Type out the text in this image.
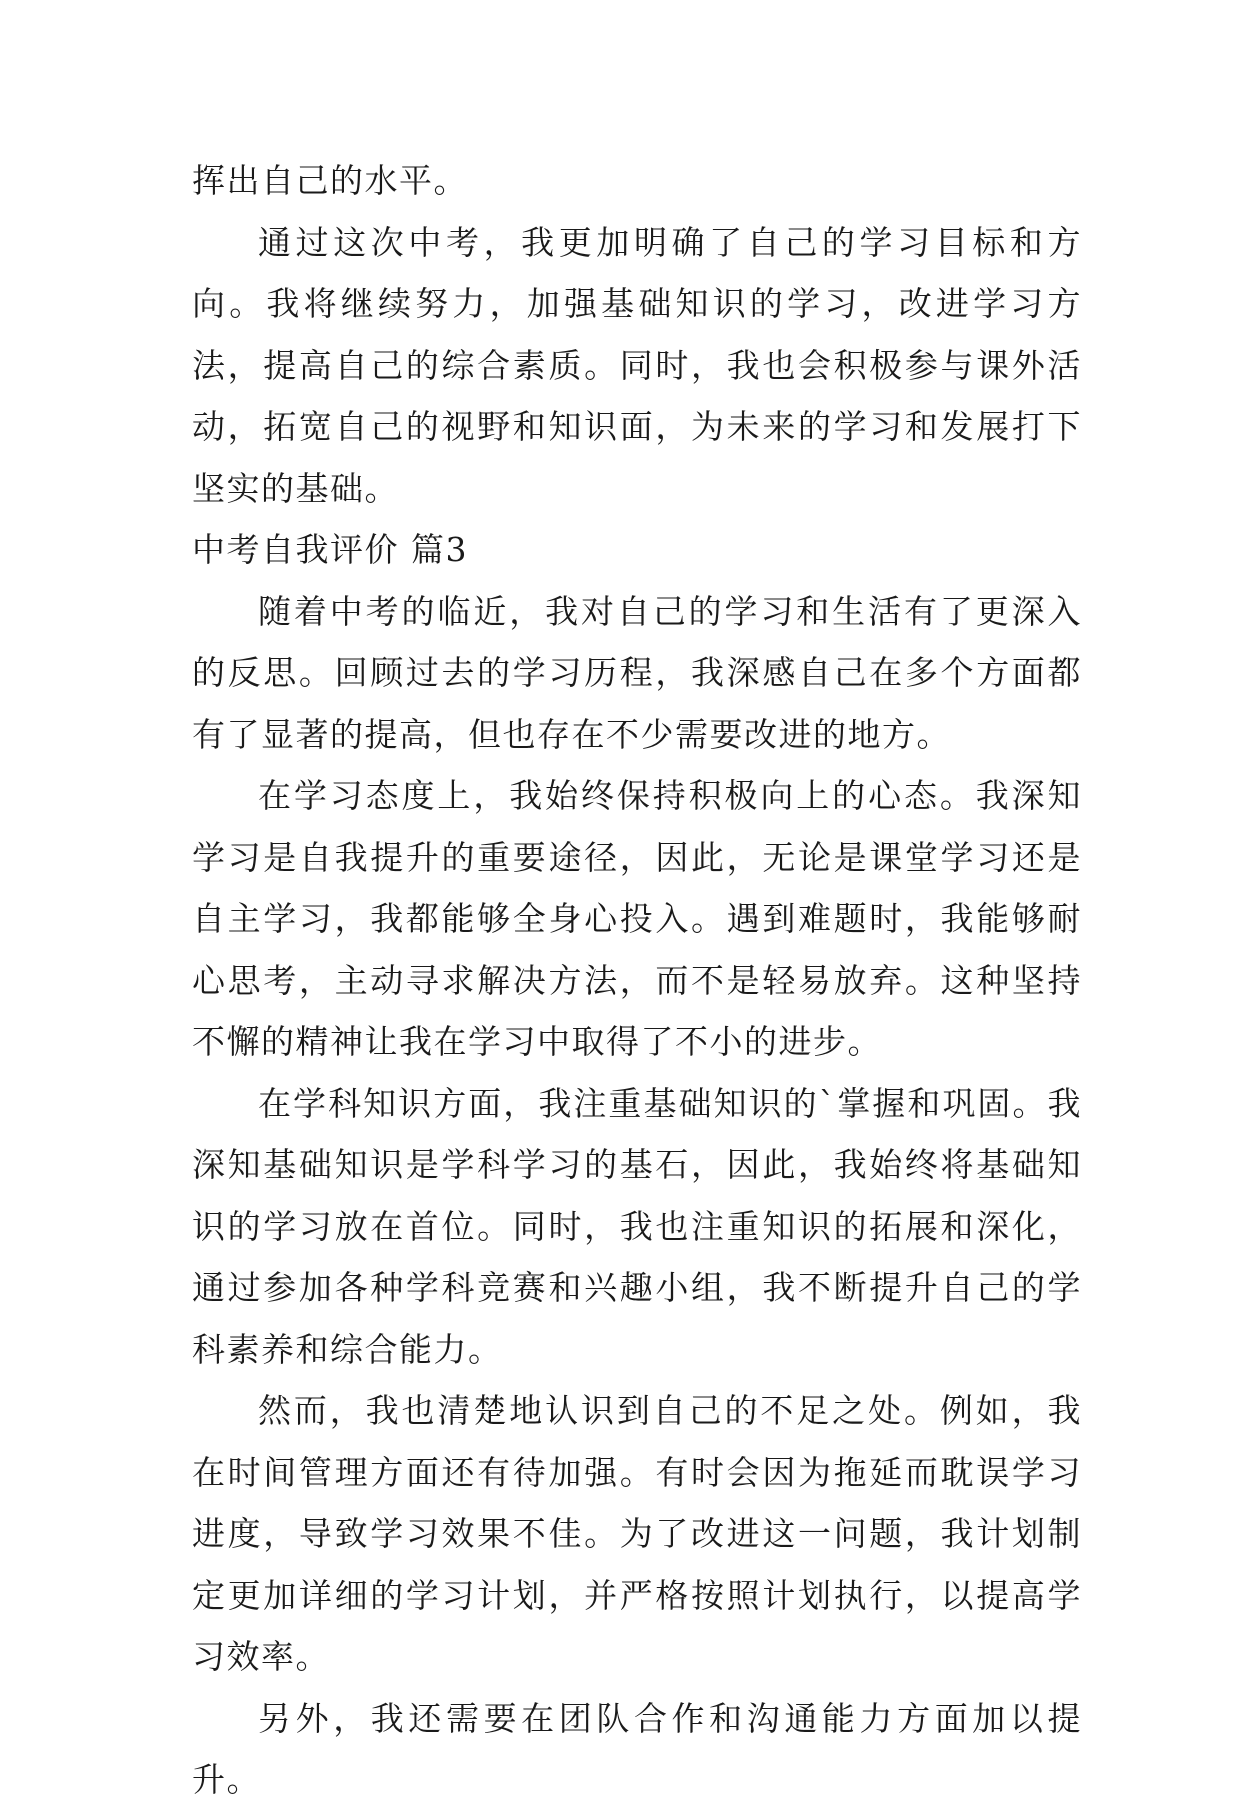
挥出自己的水平。

通过这次中考，我更加明确了自己的学习目标和方向。我将继续努力，加强基础知识的学习，改进学习方法，提高自己的综合素质。同时，我也会积极参与课外活动，拓宽自己的视野和知识面，为未来的学习和发展打下坚实的基础。

中考自我评价 篇3

随着中考的临近，我对自己的学习和生活有了更深入的反思。回顾过去的学习历程，我深感自己在多个方面都有了显著的提高，但也存在不少需要改进的地方。

在学习态度上，我始终保持积极向上的心态。我深知学习是自我提升的重要途径，因此，无论是课堂学习还是自主学习，我都能够全身心投入。遇到难题时，我能够耐心思考，主动寻求解决方法，而不是轻易放弃。这种坚持不懈的精神让我在学习中取得了不小的进步。

在学科知识方面，我注重基础知识的`掌握和巩固。我深知基础知识是学科学习的基石，因此，我始终将基础知识的学习放在首位。同时，我也注重知识的拓展和深化，通过参加各种学科竞赛和兴趣小组，我不断提升自己的学科素养和综合能力。

然而，我也清楚地认识到自己的不足之处。例如，我在时间管理方面还有待加强。有时会因为拖延而耽误学习进度，导致学习效果不佳。为了改进这一问题，我计划制定更加详细的学习计划，并严格按照计划执行，以提高学习效率。

另外，我还需要在团队合作和沟通能力方面加以提升。
